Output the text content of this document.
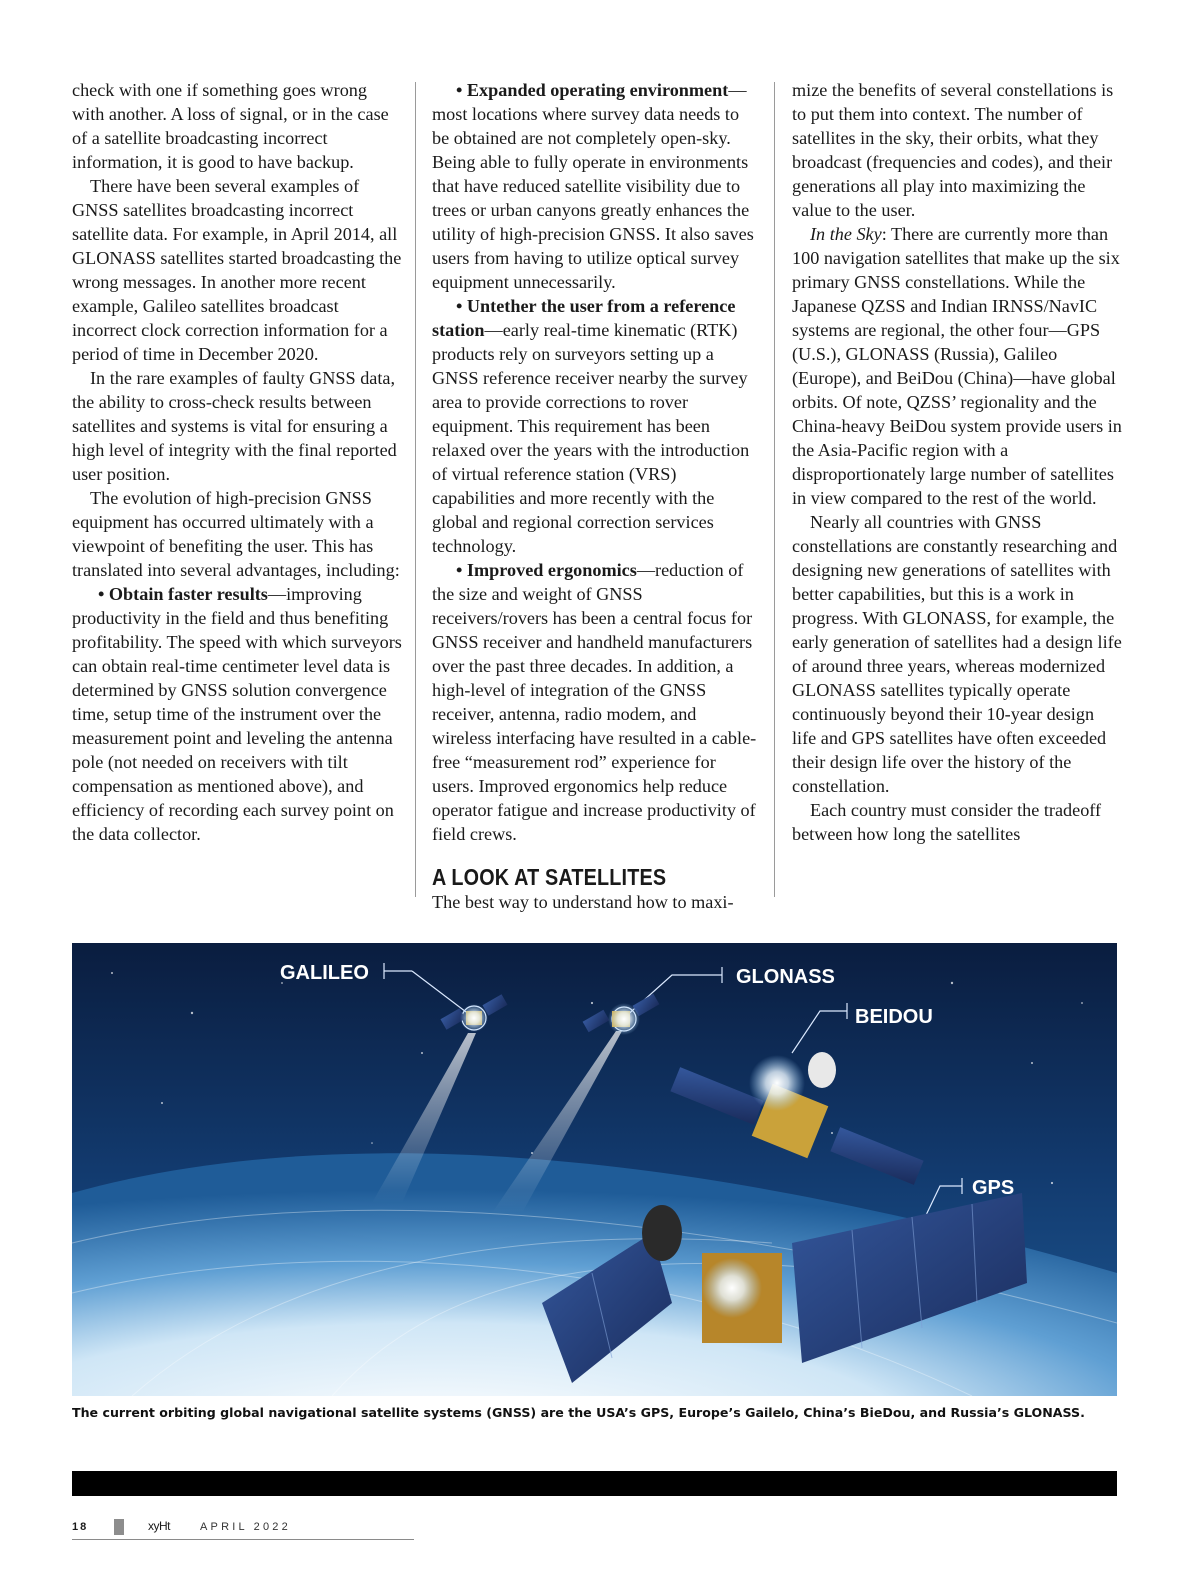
check with one if something goes wrong with another. A loss of signal, or in the case of a satellite broadcasting incorrect information, it is good to have backup.

There have been several examples of GNSS satellites broadcasting incorrect satellite data. For example, in April 2014, all GLONASS satellites started broadcasting the wrong messages. In another more recent example, Galileo satellites broadcast incorrect clock correction information for a period of time in December 2020.

In the rare examples of faulty GNSS data, the ability to cross-check results between satellites and systems is vital for ensuring a high level of integrity with the final reported user position.

The evolution of high-precision GNSS equipment has occurred ultimately with a viewpoint of benefiting the user. This has translated into several advantages, including:

• Obtain faster results—improving productivity in the field and thus benefiting profitability. The speed with which surveyors can obtain real-time centimeter level data is determined by GNSS solution convergence time, setup time of the instrument over the measurement point and leveling the antenna pole (not needed on receivers with tilt compensation as mentioned above), and efficiency of recording each survey point on the data collector.

• Expanded operating environment—most locations where survey data needs to be obtained are not completely open-sky. Being able to fully operate in environments that have reduced satellite visibility due to trees or urban canyons greatly enhances the utility of high-precision GNSS. It also saves users from having to utilize optical survey equipment unnecessarily.

• Untether the user from a reference station—early real-time kinematic (RTK) products rely on surveyors setting up a GNSS reference receiver nearby the survey area to provide corrections to rover equipment. This requirement has been relaxed over the years with the introduction of virtual reference station (VRS) capabilities and more recently with the global and regional correction services technology.

• Improved ergonomics—reduction of the size and weight of GNSS receivers/rovers has been a central focus for GNSS receiver and handheld manufacturers over the past three decades. In addition, a high-level of integration of the GNSS receiver, antenna, radio modem, and wireless interfacing have resulted in a cable-free “measurement rod” experience for users. Improved ergonomics help reduce operator fatigue and increase productivity of field crews.

A LOOK AT SATELLITES

The best way to understand how to maxi-

mize the benefits of several constellations is to put them into context. The number of satellites in the sky, their orbits, what they broadcast (frequencies and codes), and their generations all play into maximizing the value to the user.

In the Sky: There are currently more than 100 navigation satellites that make up the six primary GNSS constellations. While the Japanese QZSS and Indian IRNSS/NavIC systems are regional, the other four—GPS (U.S.), GLONASS (Russia), Galileo (Europe), and BeiDou (China)—have global orbits. Of note, QZSS’ regionality and the China-heavy BeiDou system provide users in the Asia-Pacific region with a disproportionately large number of satellites in view compared to the rest of the world.

Nearly all countries with GNSS constellations are constantly researching and designing new generations of satellites with better capabilities, but this is a work in progress. With GLONASS, for example, the early generation of satellites had a design life of around three years, whereas modernized GLONASS satellites typically operate continuously beyond their 10-year design life and GPS satellites have often exceeded their design life over the history of the constellation.

Each country must consider the tradeoff between how long the satellites

GALILEO	GLONASS
BEIDOU
GPS
The current orbiting global navigational satellite systems (GNSS) are the USA’s GPS, Europe’s Gailelo, China’s BieDou, and Russia’s GLONASS.
18	xyHt	APRIL 2022
